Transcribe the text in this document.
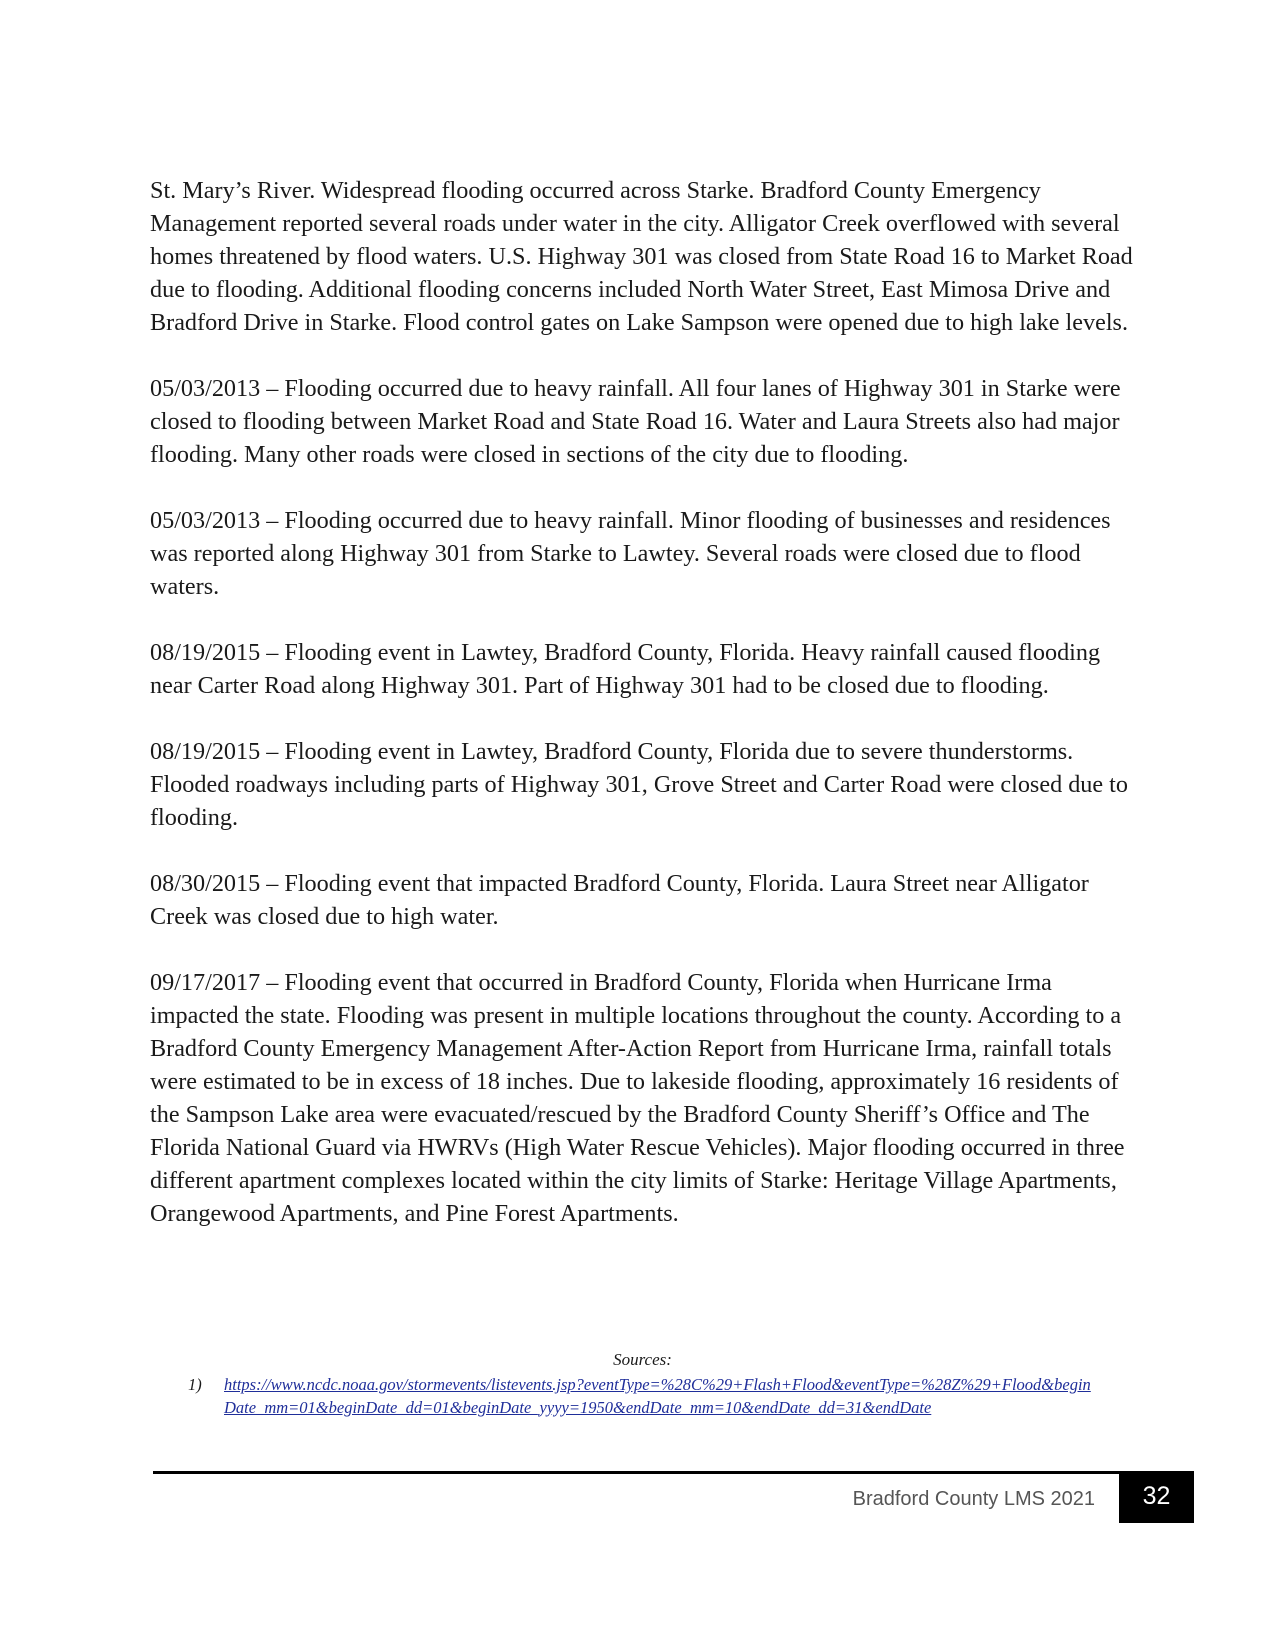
St. Mary’s River. Widespread flooding occurred across Starke. Bradford County Emergency Management reported several roads under water in the city. Alligator Creek overflowed with several homes threatened by flood waters. U.S. Highway 301 was closed from State Road 16 to Market Road due to flooding. Additional flooding concerns included North Water Street, East Mimosa Drive and Bradford Drive in Starke. Flood control gates on Lake Sampson were opened due to high lake levels.

05/03/2013 – Flooding occurred due to heavy rainfall. All four lanes of Highway 301 in Starke were closed to flooding between Market Road and State Road 16. Water and Laura Streets also had major flooding. Many other roads were closed in sections of the city due to flooding.

05/03/2013 – Flooding occurred due to heavy rainfall. Minor flooding of businesses and residences was reported along Highway 301 from Starke to Lawtey. Several roads were closed due to flood waters.

08/19/2015 – Flooding event in Lawtey, Bradford County, Florida. Heavy rainfall caused flooding near Carter Road along Highway 301. Part of Highway 301 had to be closed due to flooding.

08/19/2015 – Flooding event in Lawtey, Bradford County, Florida due to severe thunderstorms. Flooded roadways including parts of Highway 301, Grove Street and Carter Road were closed due to flooding.

08/30/2015 – Flooding event that impacted Bradford County, Florida. Laura Street near Alligator Creek was closed due to high water.

09/17/2017 – Flooding event that occurred in Bradford County, Florida when Hurricane Irma impacted the state. Flooding was present in multiple locations throughout the county. According to a Bradford County Emergency Management After-Action Report from Hurricane Irma, rainfall totals were estimated to be in excess of 18 inches. Due to lakeside flooding, approximately 16 residents of the Sampson Lake area were evacuated/rescued by the Bradford County Sheriff’s Office and The Florida National Guard via HWRVs (High Water Rescue Vehicles). Major flooding occurred in three different apartment complexes located within the city limits of Starke: Heritage Village Apartments, Orangewood Apartments, and Pine Forest Apartments.

Sources:
1) https://www.ncdc.noaa.gov/stormevents/listevents.jsp?eventType=%28C%29+Flash+Flood&eventType=%28Z%29+Flood&beginDate_mm=01&beginDate_dd=01&beginDate_yyyy=1950&endDate_mm=10&endDate_dd=31&endDate
Bradford County LMS 2021	32
